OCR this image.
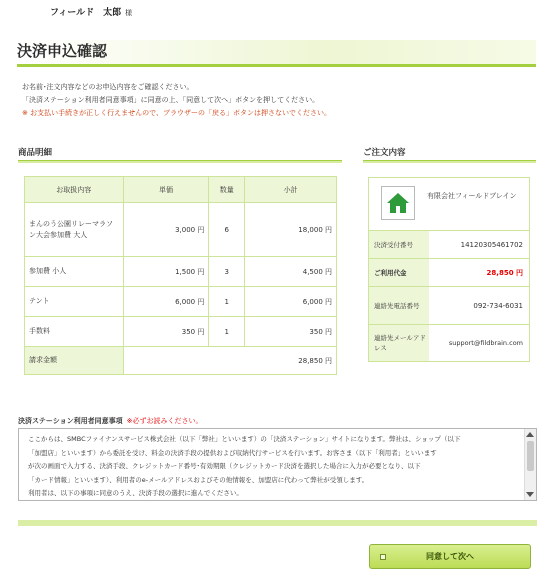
フィールド　太郎 様
決済申込確認
お名前･注文内容などのお申込内容をご確認ください。
「決済ステーション利用者同意事項」に同意の上、「同意して次へ」ボタンを押してください。
※ お支払い手続きが正しく行えませんので、ブラウザーの「戻る」ボタンは押さないでください。
商品明細
お取扱内容	単価	数量	小計
まんのう公園リレーマラソン大会参加費 大人	3,000 円	6	18,000 円
参加費 小人	1,500 円	3	4,500 円
テント	6,000 円	1	6,000 円
手数料	350 円	1	350 円
請求金額	28,850 円		
ご注文内容
有限会社フィールドブレイン
決済受付番号	14120305461702
ご利用代金	28,850 円
連絡先電話番号	092-734-6031
連絡先メールアドレス
support@fildbrain.com
決済ステーション利用者同意事項 ※必ずお読みください。
ここからは、SMBCファイナンスサービス株式会社（以下「弊社」といいます）の「決済ステーション」サイトになります。弊社は、ショップ（以下
「加盟店」といいます）から委託を受け、料金の決済手段の提供および収納代行サービスを行います。お客さま（以下「利用者」といいます
が次の画面で入力する、決済手段、クレジットカード番号･有効期限（クレジットカード決済を選択した場合に入力が必要となり、以下
「カード情報」といいます）、利用者のe-メールアドレスおよびその他情報を、加盟店に代わって弊社が受領します。
利用者は、以下の事項に同意のうえ、決済手段の選択に進んでください。
同意して次へ
